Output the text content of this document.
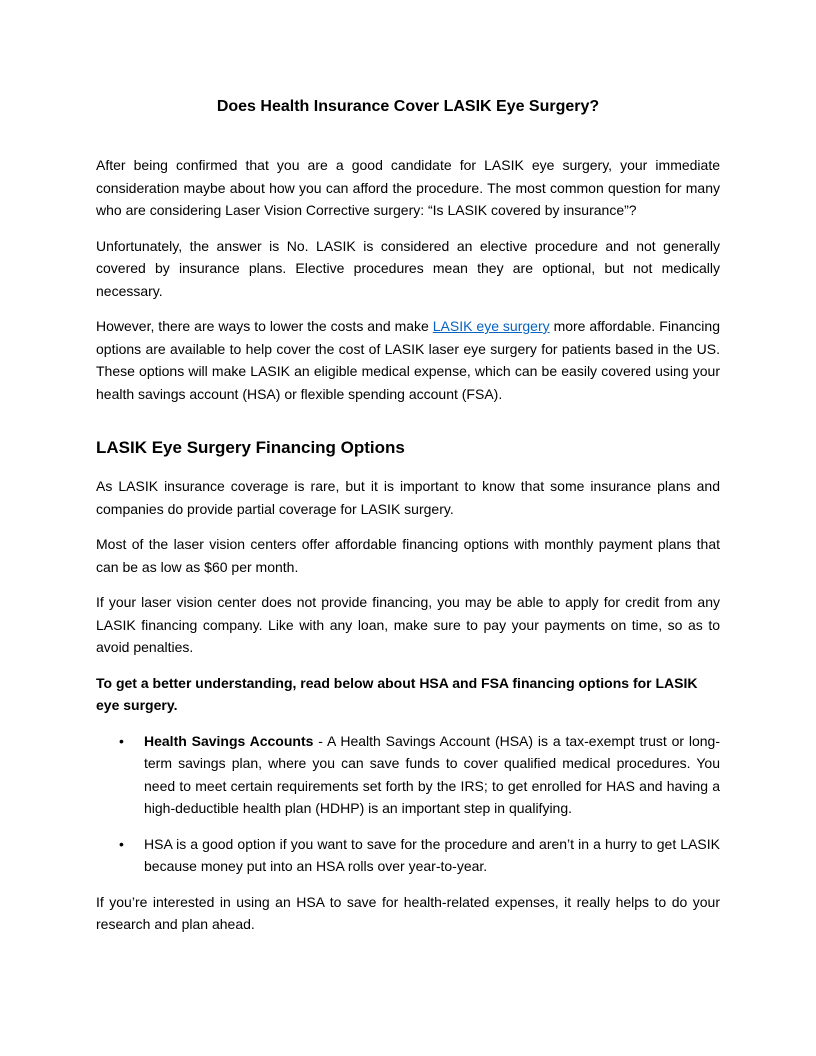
Does Health Insurance Cover LASIK Eye Surgery?

After being confirmed that you are a good candidate for LASIK eye surgery, your immediate consideration maybe about how you can afford the procedure. The most common question for many who are considering Laser Vision Corrective surgery: “Is LASIK covered by insurance”?

Unfortunately, the answer is No. LASIK is considered an elective procedure and not generally covered by insurance plans. Elective procedures mean they are optional, but not medically necessary.

However, there are ways to lower the costs and make LASIK eye surgery more affordable. Financing options are available to help cover the cost of LASIK laser eye surgery for patients based in the US. These options will make LASIK an eligible medical expense, which can be easily covered using your health savings account (HSA) or flexible spending account (FSA).

LASIK Eye Surgery Financing Options

As LASIK insurance coverage is rare, but it is important to know that some insurance plans and companies do provide partial coverage for LASIK surgery.

Most of the laser vision centers offer affordable financing options with monthly payment plans that can be as low as $60 per month.

If your laser vision center does not provide financing, you may be able to apply for credit from any LASIK financing company. Like with any loan, make sure to pay your payments on time, so as to avoid penalties.

To get a better understanding, read below about HSA and FSA financing options for LASIK eye surgery.

• Health Savings Accounts - A Health Savings Account (HSA) is a tax-exempt trust or long-term savings plan, where you can save funds to cover qualified medical procedures. You need to meet certain requirements set forth by the IRS; to get enrolled for HAS and having a high-deductible health plan (HDHP) is an important step in qualifying.
• HSA is a good option if you want to save for the procedure and aren’t in a hurry to get LASIK because money put into an HSA rolls over year-to-year.

If you’re interested in using an HSA to save for health-related expenses, it really helps to do your research and plan ahead.
